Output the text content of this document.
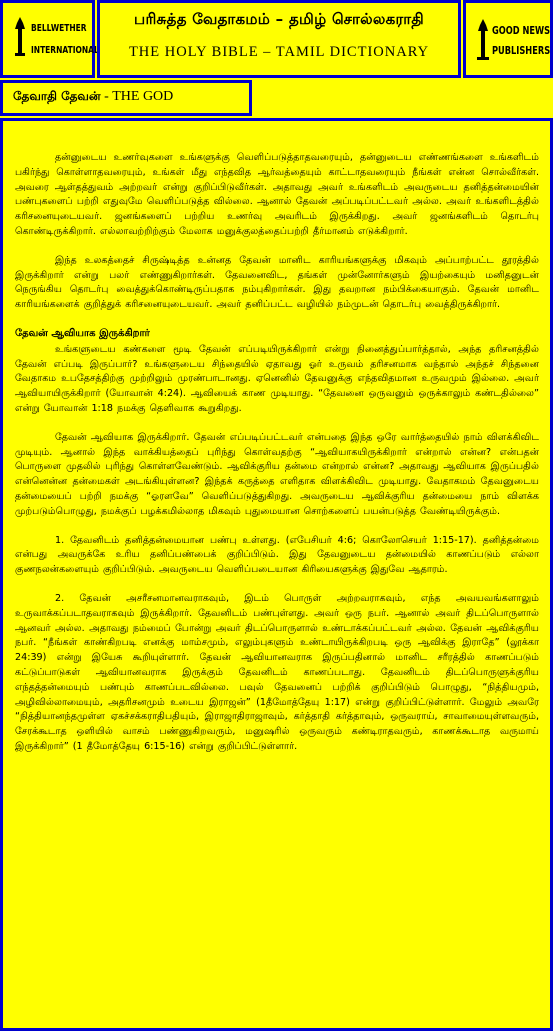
BELLWETHER
INTERNATIONAL
பரிசுத்த வேதாகமம் – தமிழ் சொல்லகராதி
THE HOLY BIBLE – TAMIL DICTIONARY
GOOD NEWS
PUBLISHERS
தேவாதி தேவன் - THE GOD

தன்னுடைய உணர்வுகளை உங்களுக்கு வெளிப்படுத்தாதவரையும், தன்னுடைய எண்ணங்களை உங்களிடம் பகிர்ந்து கொள்ளாதவரையும், உங்கள் மீது எந்தவித ஆர்வத்தையும் காட்டாதவரையும் நீங்கள் என்ன சொல்வீர்கள். அவரை ஆள்தத்துவம் அற்றவர் என்று குறிப்பிடுவீர்கள். அதாவது அவர் உங்களிடம் அவருடைய தனித்தன்மையின் பண்புகளைப் பற்றி எதுவுமே வெளிப்படுத்த வில்லை. ஆனால் தேவன் அப்படிப்பட்டவர் அல்ல. அவர் உங்களிடத்தில் கரிசனையுடையவர். ஜனங்களைப் பற்றிய உணர்வு அவரிடம் இருக்கிறது. அவர் ஜனங்களிடம் தொடர்பு கொண்டிருக்கிறார். எல்லாவற்றிற்கும் மேலாக மனுக்குலத்தைப்பற்றி தீர்மானம் எடுக்கிறார்.

இந்த உலகத்தைச் சிருஷ்டித்த உன்னத தேவன் மானிட காரியங்களுக்கு மிகவும் அப்பாற்பட்ட தூரத்தில் இருக்கிறார் என்று பலர் எண்ணுகிறார்கள். தேவனைவிட, தங்கள் முன்னோர்களும் இயற்கையும் மனிதனுடன் நெருங்கிய தொடர்பு வைத்துக்கொண்டிருப்பதாக நம்புகிறார்கள். இது தவறான நம்பிக்கையாகும். தேவன் மானிட காரியங்களைக் குறித்துக் கரிசனையுடையவர். அவர் தனிப்பட்ட வழியில் நம்முடன் தொடர்பு வைத்திருக்கிறார்.

தேவன் ஆவியாக இருக்கிறார்

உங்களுடைய கண்களை மூடி தேவன் எப்படியிருக்கிறார் என்று நினைத்துப்பார்த்தால், அந்த தரிசனத்தில் தேவன் எப்படி இருப்பார்? உங்களுடைய சிந்தையில் ஏதாவது ஓர் உருவம் தரிசனமாக வந்தால் அந்தச் சிந்தனை வேதாகம உபதேசத்திற்கு முற்றிலும் முரண்பாடானது. ஏனெனில் தேவனுக்கு எந்தவிதமான உருவமும் இல்லை. அவர் ஆவியாயிருக்கிறார் (யோவான் 4:24). ஆவியைக் காண முடியாது. “தேவனை ஒருவனும் ஒருக்காலும் கண்டதில்லை” என்று யோவான் 1:18 நமக்கு தெளிவாக கூறுகிறது.

தேவன் ஆவியாக இருக்கிறார். தேவன் எப்படிப்பட்டவர் என்பதை இந்த ஒரே வார்த்தையில் நாம் விளக்கிவிட முடியும். ஆனால் இந்த வாக்கியத்தைப் புரிந்து கொள்வதற்கு “ஆவியாகயிருக்கிறார் என்றால் என்ன? என்பதன் பொருளை முதலில் புரிந்து கொள்ளவேண்டும். ஆவிக்குரிய தன்மை என்றால் என்ன? அதாவது ஆவியாக இருப்பதில் என்னென்ன தன்மைகள் அடங்கியுள்ளன? இந்தக் கருத்தை எளிதாக விளக்கிவிட முடியாது. வேதாகமம் தேவனுடைய தன்மையைப் பற்றி நமக்கு “ஓரளவே” வெளிப்படுத்துகிறது. அவருடைய ஆவிக்குரிய தன்மையை நாம் விளக்க முற்படும்பொழுது, நமக்குப் பழக்கமில்லாத மிகவும் புதுமையான சொற்களைப் பயன்படுத்த வேண்டியிருக்கும்.

1. தேவனிடம் தனித்தன்மையான பண்பு உள்ளது. (எபேசியர் 4:6; கொலோசெயர் 1:15-17). தனித்தன்மை என்பது அவருக்கே உரிய தனிப்பண்பைக் குறிப்பிடும். இது தேவனுடைய தன்மையில் காணப்படும் எல்லா குணநலன்களையும் குறிப்பிடும். அவருடைய வெளிப்படையான கிரியைகளுக்கு இதுவே ஆதாரம்.

2. தேவன் அசரீசனமானவராகவும், இடம் பொருள் அற்றவராகவும், எந்த அவயவங்களாலும் உருவாக்கப்படாதவராகவும் இருக்கிறார். தேவனிடம் பண்புள்ளது. அவர் ஒரு நபர். ஆனால் அவர் திடப்பொருளால் ஆனவர் அல்ல. அதாவது நம்மைப் போன்று அவர் திடப்பொருளால் உண்டாக்கப்பட்டவர் அல்ல. தேவன் ஆவிக்குரிய நபர். “நீங்கள் காண்கிறபடி எனக்கு மாம்சமும், எலும்புகளும் உண்டாயிருக்கிறபடி ஒரு ஆவிக்கு இராதே” (லூக்கா 24:39) என்று இயேசு கூறியுள்ளார். தேவன் ஆவியானவராக இருப்பதினால் மானிட சரீரத்தில் காணப்படும் கட்டுப்பாடுகள் ஆவியானவராக இருக்கும் தேவனிடம் காணப்படாது. தேவனிடம் திடப்பொருளுக்குரிய எந்தத்தன்மையும் பண்பும் காணப்படவில்லை. பவுல் தேவனைப் பற்றிக் குறிப்பிடும் பொழுது, “நித்தியமும், அழிவில்லாமையும், அதரிசனமும் உடைய இராஜன்” (1தீமோத்தேயு 1:17) என்று குறிப்பிட்டுள்ளார். மேலும் அவரே “நித்தியானந்தமுள்ள ஏகச்சக்கராதிபதியும், இராஜாதிராஜாவும், கர்த்தாதி கர்த்தாவும், ஒருவராய், சாவாமையுள்ளவரும், சேரக்கூடாத ஒளியில் வாசம் பண்ணுகிறவரும், மனுஷரில் ஒருவரும் கண்டிராதவரும், காணக்கூடாத வருமாய் இருக்கிறார்” (1 தீமோத்தேயு 6:15-16) என்று குறிப்பிட்டுள்ளார்.
